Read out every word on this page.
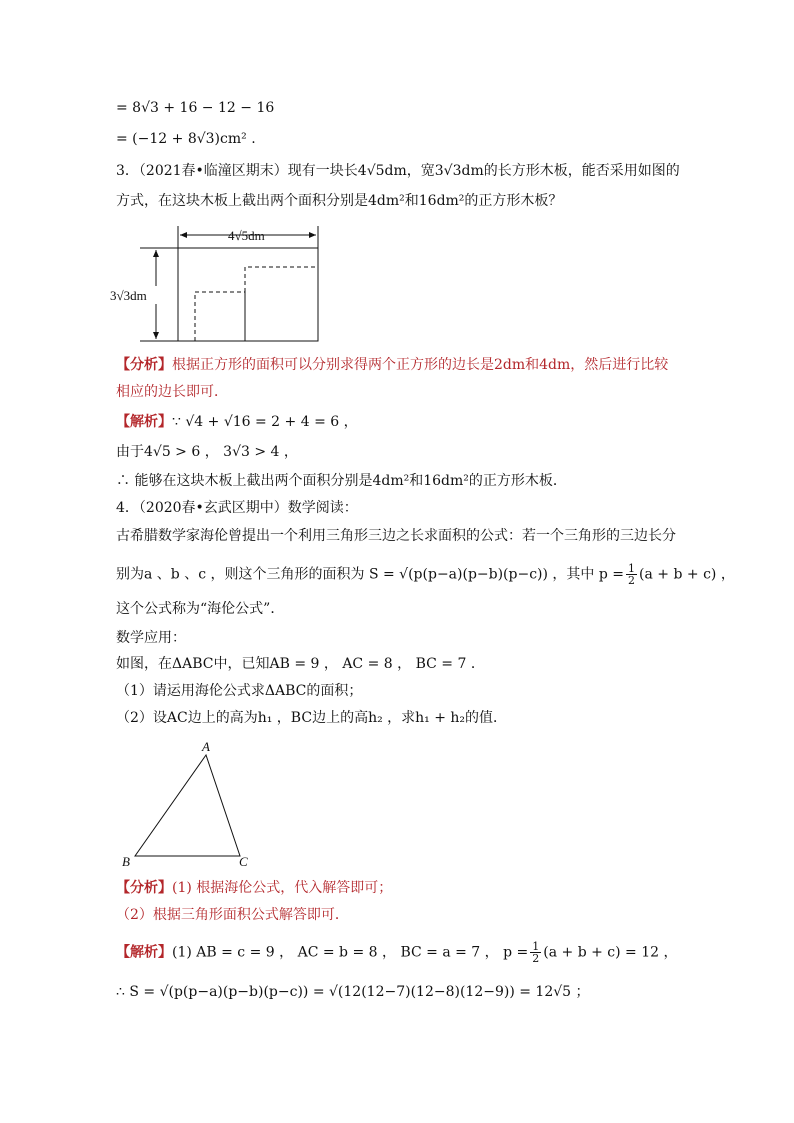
= 8√3 + 16 − 12 − 16
= (−12 + 8√3)cm² .
3．（2021春•临潼区期末）现有一块长4√5dm，宽3√3dm的长方形木板，能否采用如图的
方式，在这块木板上截出两个面积分别是4dm²和16dm²的正方形木板？
4√5dm
3√3dm
【分析】根据正方形的面积可以分别求得两个正方形的边长是2dm和4dm，然后进行比较
相应的边长即可．
【解析】∵ √4 + √16 = 2 + 4 = 6 ，
由于4√5 > 6 ， 3√3 > 4 ，
∴ 能够在这块木板上截出两个面积分别是4dm²和16dm²的正方形木板．
4．（2020春•玄武区期中）数学阅读：
古希腊数学家海伦曾提出一个利用三角形三边之长求面积的公式：若一个三角形的三边长分
别为a 、b 、c ，则这个三角形的面积为 S = √(p(p−a)(p−b)(p−c)) ，其中 $p = \frac{1}{2} (a + b + c)$ ，
这个公式称为“海伦公式”．
数学应用：
如图，在ΔABC中，已知AB = 9 ， AC = 8 ， BC = 7 ．
（1）请运用海伦公式求ΔABC的面积；
（2）设AC边上的高为h₁ ，BC边上的高h₂ ，求h₁ + h₂的值．
A
B	C
【分析】(1) 根据海伦公式，代入解答即可；
（2）根据三角形面积公式解答即可．
【解析】(1) AB = c = 9 ， AC = b = 8 ， BC = a = 7 ， $p = \frac{1}{2} (a + b + c) = 12$ ，
∴ S = √(p(p−a)(p−b)(p−c)) = √(12(12−7)(12−8)(12−9)) = 12√5 ；
